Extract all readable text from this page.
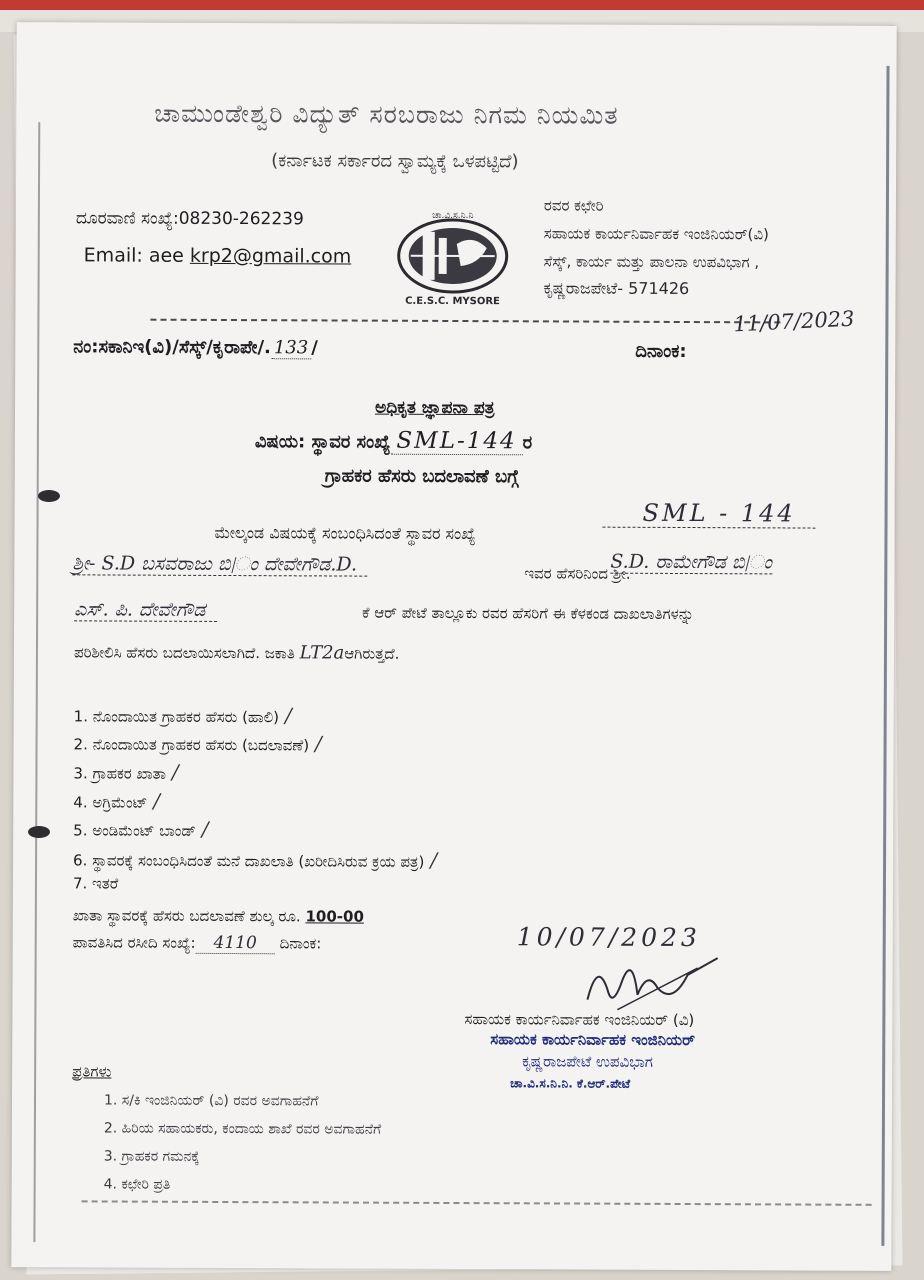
ಚಾಮುಂಡೇಶ್ವರಿ ವಿದ್ಯುತ್ ಸರಬರಾಜು ನಿಗಮ ನಿಯಮಿತ
(ಕರ್ನಾಟಕ ಸರ್ಕಾರದ ಸ್ವಾಮ್ಯಕ್ಕೆ ಒಳಪಟ್ಟಿದೆ)
ದೂರವಾಣಿ ಸಂಖ್ಯೆ:08230-262239
Email: aee krp2@gmail.com
ಚಾ.ವಿ.ಸ.ನಿ.ನಿ
C.E.S.C. MYSORE
ರವರ ಕಛೇರಿ
ಸಹಾಯಕ ಕಾರ್ಯನಿರ್ವಾಹಕ ಇಂಜಿನಿಯರ್(ವಿ)
ಸೆಸ್ಕ್, ಕಾರ್ಯ ಮತ್ತು ಪಾಲನಾ ಉಪವಿಭಾಗ ,
ಕೃಷ್ಣರಾಜಪೇಟೆ- 571426
ನಂ:ಸಕಾನಿಇ(ವಿ)/ಸೆಸ್ಕ್/ಕೃರಾಪೇ/. 133 /	ದಿನಾಂಕ:
11/07/2023
ಅಧಿಕೃತ ಜ್ಞಾಪನಾ ಪತ್ರ
ವಿಷಯ: ಸ್ಥಾವರ ಸಂಖ್ಯೆ SML-144 ರ
ಗ್ರಾಹಕರ ಹೆಸರು ಬದಲಾವಣೆ ಬಗ್ಗೆ
ಮೇಲ್ಕಂಡ ವಿಷಯಕ್ಕೆ ಸಂಬಂಧಿಸಿದಂತೆ ಸ್ಥಾವರ ಸಂಖ್ಯೆ
SML - 144
ಶ್ರೀ- S.D ಬಸವರಾಜು ಬಿ|ಂ ದೇವೇಗೌಡ.D.	ಇವರ ಹೆಸರಿನಿಂದ ಶ್ರೀ.
S.D. ರಾಮೇಗೌಡ ಬಿ|ಂ
ಎಸ್. ಪಿ. ದೇವೇಗೌಡ	ಕೆ ಆರ್ ಪೇಟೆ ತಾಲ್ಲೂಕು ರವರ ಹೆಸರಿಗೆ ಈ ಕೆಳಕಂಡ ದಾಖಲಾತಿಗಳನ್ನು
ಪರಿಶೀಲಿಸಿ ಹೆಸರು ಬದಲಾಯಿಸಲಾಗಿದೆ. ಜಕಾತಿ LT2aಆಗಿರುತ್ತದೆ.
1. ನೊಂದಾಯಿತ ಗ್ರಾಹಕರ ಹೆಸರು (ಹಾಲಿ) /
2. ನೊಂದಾಯಿತ ಗ್ರಾಹಕರ ಹೆಸರು (ಬದಲಾವಣೆ) /
3. ಗ್ರಾಹಕರ ಖಾತಾ /
4. ಅಗ್ರಿಮೆಂಟ್ /
5. ಅಂಡಿಮೆಂಟ್ ಬಾಂಡ್ /
6. ಸ್ಥಾವರಕ್ಕೆ ಸಂಬಂಧಿಸಿದಂತೆ ಮನೆ ದಾಖಲಾತಿ (ಖರೀದಿಸಿರುವ ಕ್ರಯ ಪತ್ರ) /
7. ಇತರೆ
ಖಾತಾ ಸ್ಥಾವರಕ್ಕೆ ಹೆಸರು ಬದಲಾವಣೆ ಶುಲ್ಕ ರೂ. 100-00
ಪಾವತಿಸಿದ ರಸೀದಿ ಸಂಖ್ಯೆ: 4110 ದಿನಾಂಕ:	10/07/2023
ಸಹಾಯಕ ಕಾರ್ಯನಿರ್ವಾಹಕ ಇಂಜಿನಿಯರ್ (ವಿ)
ಸಹಾಯಕ ಕಾರ್ಯನಿರ್ವಾಹಕ ಇಂಜಿನಿಯರ್
ಕೃಷ್ಣರಾಜಪೇಟೆ ಉಪವಿಭಾಗ
ಚಾ.ವಿ.ಸ.ನಿ.ನಿ. ಕೆ.ಆರ್.ಪೇಟೆ
ಪ್ರತಿಗಳು
1. ಸ/ಕಿ ಇಂಜಿನಿಯರ್ (ವಿ) ರವರ ಅವಗಾಹನೆಗೆ
2. ಹಿರಿಯ ಸಹಾಯಕರು, ಕಂದಾಯ ಶಾಖೆ ರವರ ಅವಗಾಹನೆಗೆ
3. ಗ್ರಾಹಕರ ಗಮನಕ್ಕೆ
4. ಕಛೇರಿ ಪ್ರತಿ
